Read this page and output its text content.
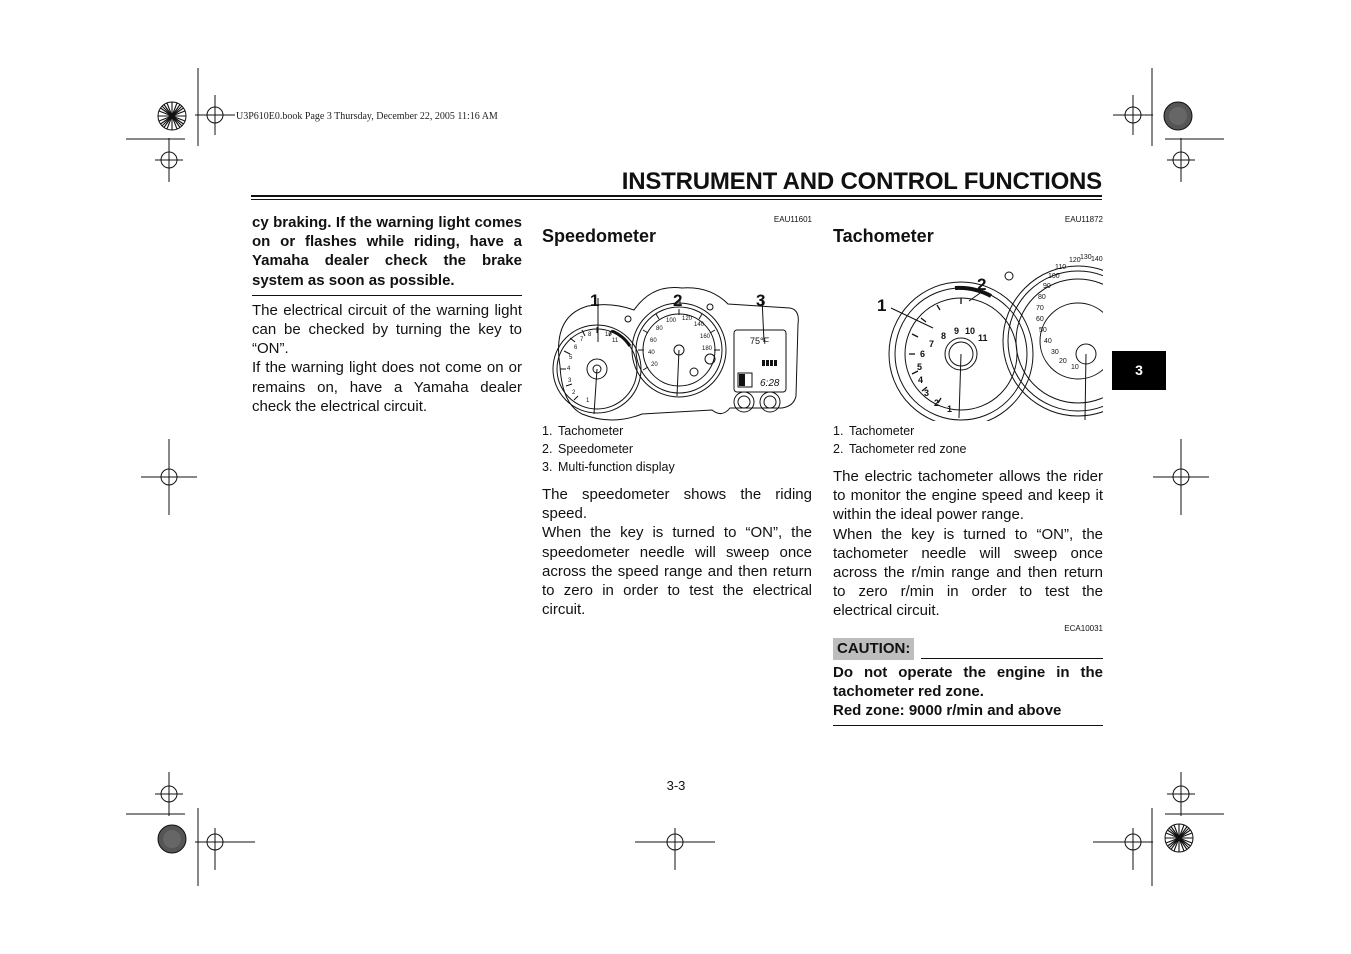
U3P610E0.book Page 3 Thursday, December 22, 2005 11:16 AM
INSTRUMENT AND CONTROL FUNCTIONS
cy braking. If the warning light comes on or flashes while riding, have a Yamaha dealer check the brake system as soon as possible.
The electrical circuit of the warning light can be checked by turning the key to “ON”.
If the warning light does not come on or remains on, have a Yamaha dealer check the electrical circuit.
EAU11601
Speedometer
2
3
4
5
6
7
8 10
11
1
20
40
60
80
100 120
140
160
180
75°F
6:28
1	2	3
1. Tachometer
2. Speedometer
3. Multi-function display
The speedometer shows the riding speed.
When the key is turned to “ON”, the speedometer needle will sweep once across the speed range and then return to zero in order to test the electrical circuit.
EAU11872
Tachometer
1
2
3
4
5
6
7
8 9 10
11
10
20
30
40
50
60
70
80
90
100
110
120 130 140
1
2
1. Tachometer
2. Tachometer red zone
The electric tachometer allows the rider to monitor the engine speed and keep it within the ideal power range.
When the key is turned to “ON”, the tachometer needle will sweep once across the r/min range and then return to zero r/min in order to test the electrical circuit.
ECA10031
CAUTION:
Do not operate the engine in the tachometer red zone.
Red zone: 9000 r/min and above
3
3-3
